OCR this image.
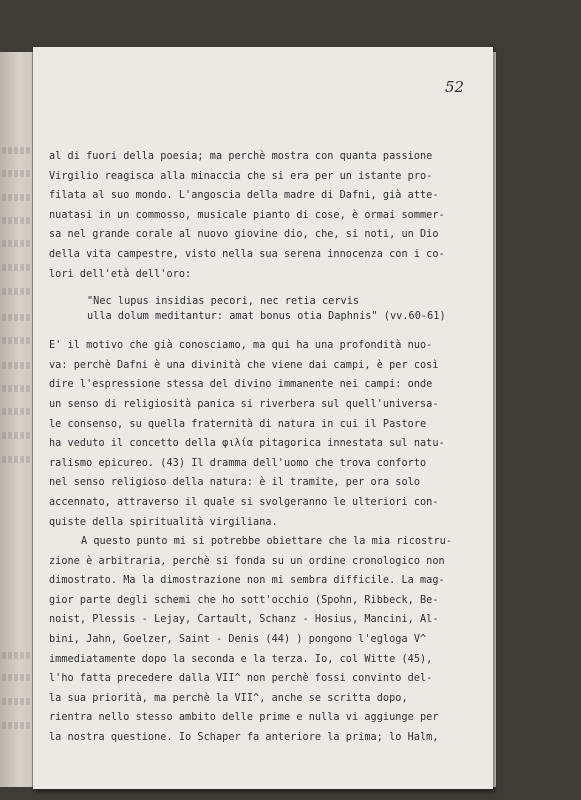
52
al di fuori della poesia; ma perchè mostra con quanta passione
Virgilio reagisca alla minaccia che si era per un istante pro-
filata al suo mondo. L'angoscia della madre di Dafni, già atte-
nuatasi in un commosso, musicale pianto di cose, è ormai sommer-
sa nel grande corale al nuovo giovine dio, che, si noti, un Dio
della vita campestre, visto nella sua serena innocenza con i co-
lori dell'età dell'oro:
"Nec lupus insidias pecori, nec retia cervis
ulla dolum meditantur: amat bonus otia Daphnis" (vv.60-61)
E' il motivo che già conosciamo, ma qui ha una profondità nuo-
va: perchè Dafni è una divinità che viene dai campi, è per così
dire l'espressione stessa del divino immanente nei campi: onde
un senso di religiosità panica si riverbera sul quell'universa-
le consenso, su quella fraternità di natura in cui il Pastore
ha veduto il concetto della φιλία pitagorica innestata sul natu-
ralismo epicureo. (43) Il dramma dell'uomo che trova conforto
nel senso religioso della natura: è il tramite, per ora solo
accennato, attraverso il quale si svolgeranno le ulteriori con-
quiste della spiritualità virgiliana.
A questo punto mi si potrebbe obiettare che la mia ricostru-
zione è arbitraria, perchè si fonda su un ordine cronologico non
dimostrato. Ma la dimostrazione non mi sembra difficile. La mag-
gior parte degli schemi che ho sott'occhio (Spohn, Ribbeck, Be-
noist, Plessis - Lejay, Cartault, Schanz - Hosius, Mancini, Al-
bini, Jahn, Goelzer, Saint - Denis (44) ) pongono l'egloga V^
immediatamente dopo la seconda e la terza. Io, col Witte (45),
l'ho fatta precedere dalla VII^ non perchè fossi convinto del-
la sua priorità, ma perchè la VII^, anche se scritta dopo,
rientra nello stesso ambito delle prime e nulla vi aggiunge per
la nostra questione. Io Schaper fa anteriore la prima; lo Halm,
